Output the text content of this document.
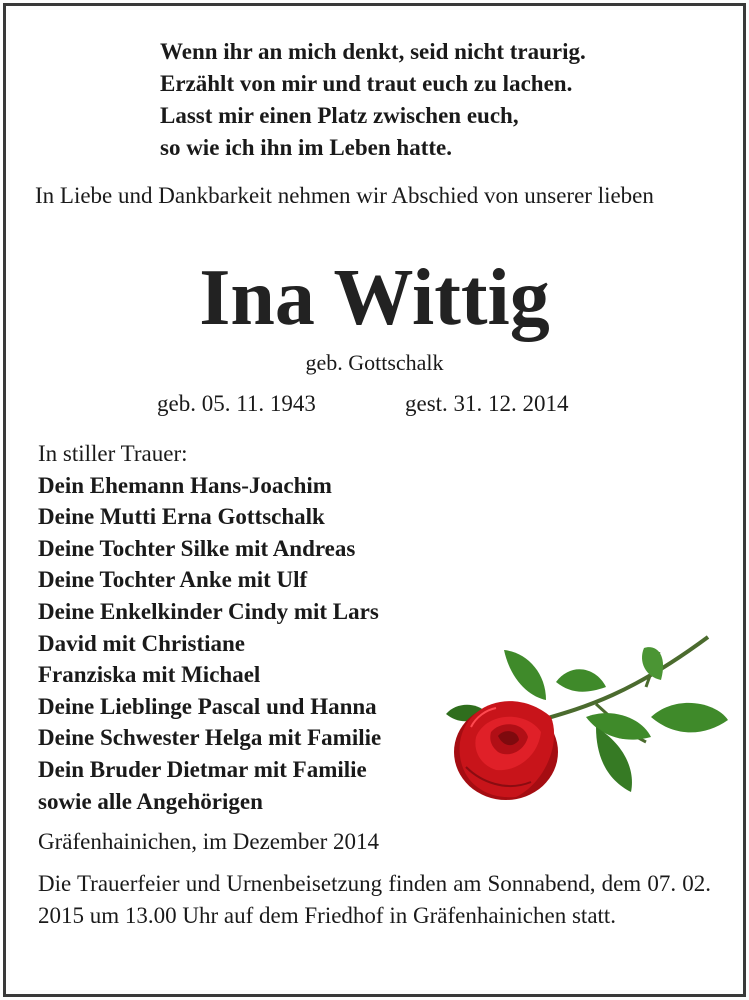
Wenn ihr an mich denkt, seid nicht traurig.
Erzählt von mir und traut euch zu lachen.
Lasst mir einen Platz zwischen euch,
so wie ich ihn im Leben hatte.
In Liebe und Dankbarkeit nehmen wir Abschied von unserer lieben
Ina Wittig
geb. Gottschalk
geb. 05. 11. 1943	gest. 31. 12. 2014
In stiller Trauer:
Dein Ehemann Hans-Joachim
Deine Mutti Erna Gottschalk
Deine Tochter Silke mit Andreas
Deine Tochter Anke mit Ulf
Deine Enkelkinder Cindy mit Lars
David mit Christiane
Franziska mit Michael
Deine Lieblinge Pascal und Hanna
Deine Schwester Helga mit Familie
Dein Bruder Dietmar mit Familie
sowie alle Angehörigen
Gräfenhainichen, im Dezember 2014
Die Trauerfeier und Urnenbeisetzung finden am Sonnabend, dem 07. 02. 2015 um 13.00 Uhr auf dem Friedhof in Gräfenhainichen statt.
